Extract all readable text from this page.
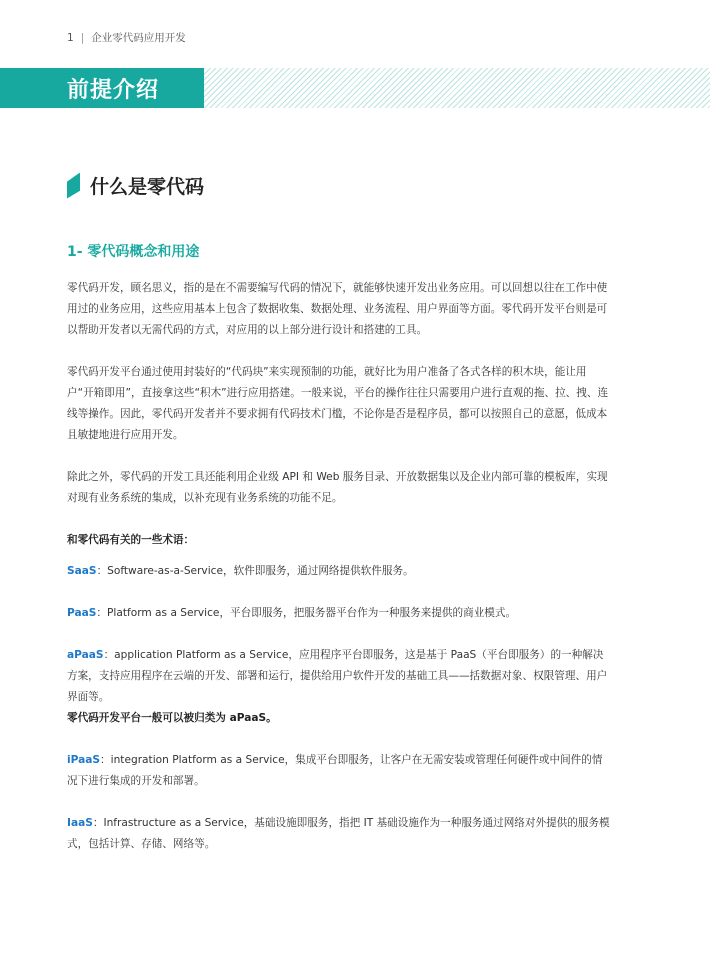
1 | 企业零代码应用开发
前提介绍
什么是零代码
1- 零代码概念和用途

零代码开发，顾名思义，指的是在不需要编写代码的情况下，就能够快速开发出业务应用。可以回想以往在工作中使用过的业务应用，这些应用基本上包含了数据收集、数据处理、业务流程、用户界面等方面。零代码开发平台则是可以帮助开发者以无需代码的方式，对应用的以上部分进行设计和搭建的工具。

零代码开发平台通过使用封装好的“代码块”来实现预制的功能，就好比为用户准备了各式各样的积木块，能让用户“开箱即用”，直接拿这些“积木”进行应用搭建。一般来说，平台的操作往往只需要用户进行直观的拖、拉、拽、连线等操作。因此，零代码开发者并不要求拥有代码技术门槛，不论你是否是程序员，都可以按照自己的意愿，低成本且敏捷地进行应用开发。

除此之外，零代码的开发工具还能利用企业级 API 和 Web 服务目录、开放数据集以及企业内部可靠的模板库，实现对现有业务系统的集成，以补充现有业务系统的功能不足。

和零代码有关的一些术语：

SaaS：Software-as-a-Service，软件即服务，通过网络提供软件服务。

PaaS：Platform as a Service，平台即服务，把服务器平台作为一种服务来提供的商业模式。

aPaaS：application Platform as a Service，应用程序平台即服务，这是基于 PaaS（平台即服务）的一种解决方案，支持应用程序在云端的开发、部署和运行，提供给用户软件开发的基础工具——括数据对象、权限管理、用户界面等。
零代码开发平台一般可以被归类为 aPaaS。

iPaaS：integration Platform as a Service，集成平台即服务，让客户在无需安装或管理任何硬件或中间件的情况下进行集成的开发和部署。

IaaS：Infrastructure as a Service，基础设施即服务，指把 IT 基础设施作为一种服务通过网络对外提供的服务模式，包括计算、存储、网络等。
